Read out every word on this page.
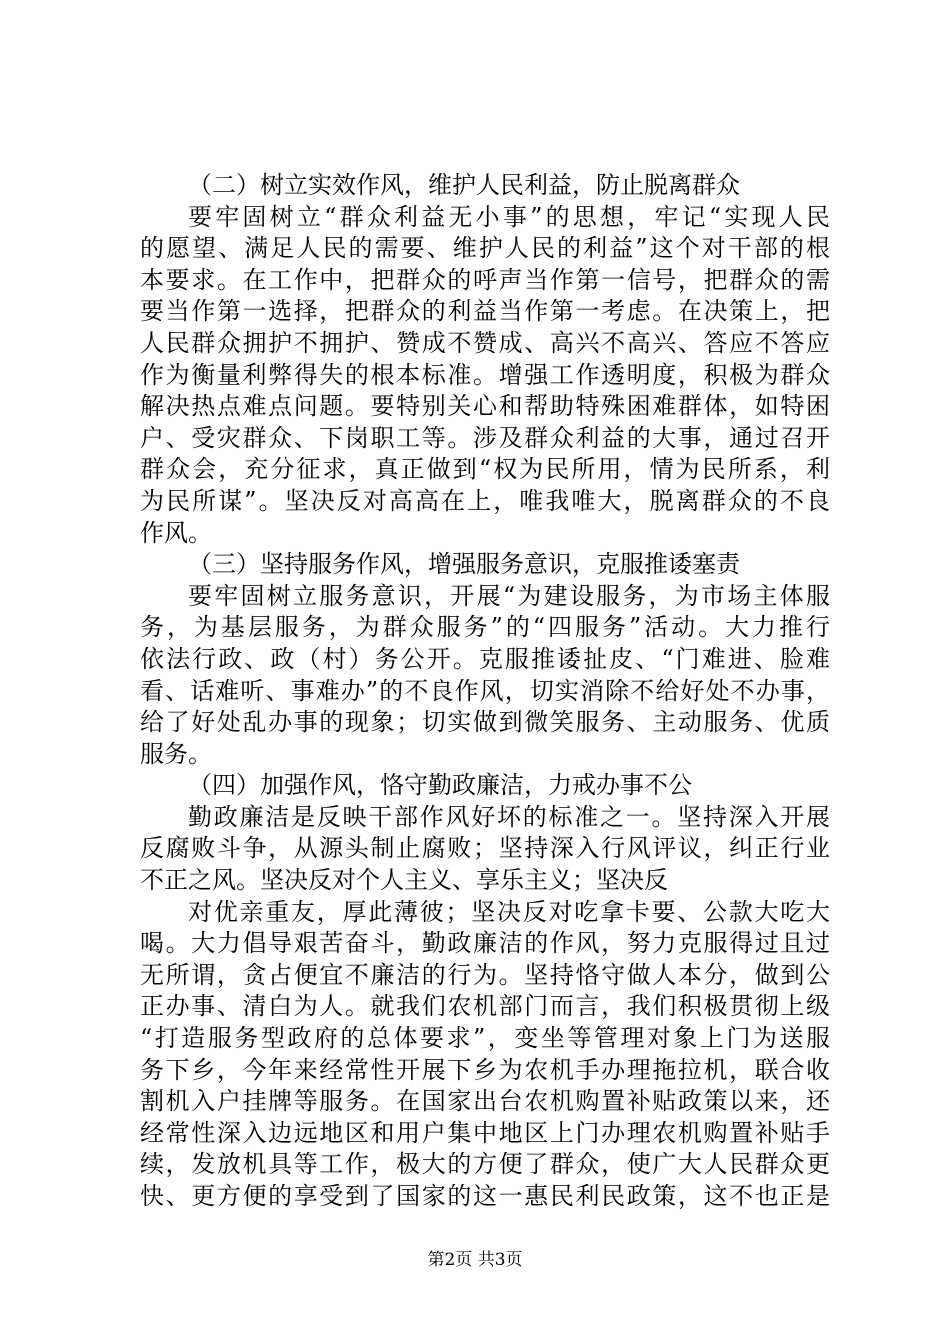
（二）树立实效作风，维护人民利益，防止脱离群众
要牢固树立“群众利益无小事”的思想，牢记“实现人民
的愿望、满足人民的需要、维护人民的利益”这个对干部的根
本要求。在工作中，把群众的呼声当作第一信号，把群众的需
要当作第一选择，把群众的利益当作第一考虑。在决策上，把
人民群众拥护不拥护、赞成不赞成、高兴不高兴、答应不答应
作为衡量利弊得失的根本标准。增强工作透明度，积极为群众
解决热点难点问题。要特别关心和帮助特殊困难群体，如特困
户、受灾群众、下岗职工等。涉及群众利益的大事，通过召开
群众会，充分征求，真正做到“权为民所用，情为民所系，利
为民所谋”。坚决反对高高在上，唯我唯大，脱离群众的不良
作风。
（三）坚持服务作风，增强服务意识，克服推诿塞责
要牢固树立服务意识，开展“为建设服务，为市场主体服
务，为基层服务，为群众服务”的“四服务”活动。大力推行
依法行政、政（村）务公开。克服推诿扯皮、“门难进、脸难
看、话难听、事难办”的不良作风，切实消除不给好处不办事，
给了好处乱办事的现象；切实做到微笑服务、主动服务、优质
服务。
（四）加强作风，恪守勤政廉洁，力戒办事不公
勤政廉洁是反映干部作风好坏的标准之一。坚持深入开展
反腐败斗争，从源头制止腐败；坚持深入行风评议，纠正行业
不正之风。坚决反对个人主义、享乐主义；坚决反
对优亲重友，厚此薄彼；坚决反对吃拿卡要、公款大吃大
喝。大力倡导艰苦奋斗，勤政廉洁的作风，努力克服得过且过
无所谓，贪占便宜不廉洁的行为。坚持恪守做人本分，做到公
正办事、清白为人。就我们农机部门而言，我们积极贯彻上级
“打造服务型政府的总体要求”，变坐等管理对象上门为送服
务下乡，今年来经常性开展下乡为农机手办理拖拉机，联合收
割机入户挂牌等服务。在国家出台农机购置补贴政策以来，还
经常性深入边远地区和用户集中地区上门办理农机购置补贴手
续，发放机具等工作，极大的方便了群众，使广大人民群众更
快、更方便的享受到了国家的这一惠民利民政策，这不也正是
第2页 共3页
